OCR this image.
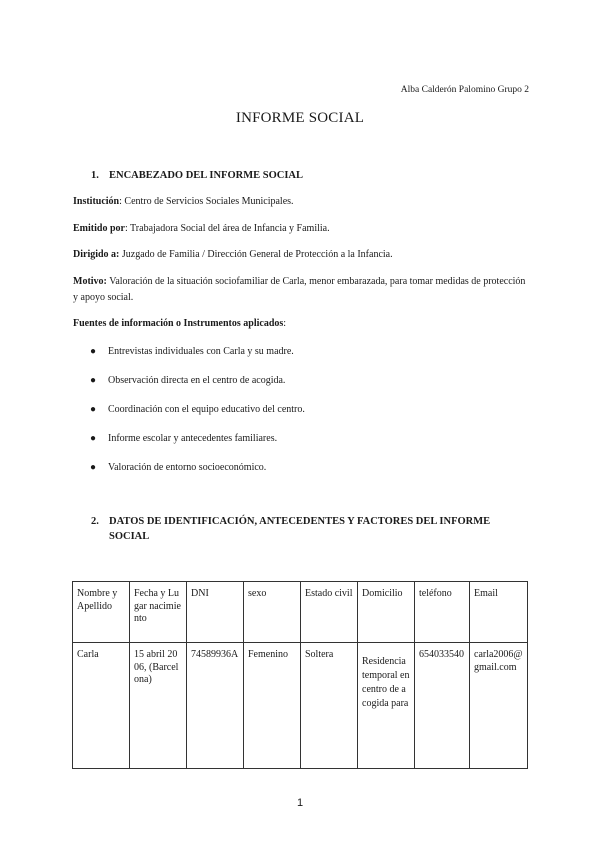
Alba Calderón Palomino Grupo 2
INFORME SOCIAL
1. ENCABEZADO DEL INFORME SOCIAL
Institución: Centro de Servicios Sociales Municipales.
Emitido por: Trabajadora Social del área de Infancia y Familia.
Dirigido a: Juzgado de Familia / Dirección General de Protección a la Infancia.
Motivo: Valoración de la situación sociofamiliar de Carla, menor embarazada, para tomar medidas de protección y apoyo social.
Fuentes de información o Instrumentos aplicados:
● Entrevistas individuales con Carla y su madre.
● Observación directa en el centro de acogida.
● Coordinación con el equipo educativo del centro.
● Informe escolar y antecedentes familiares.
● Valoración de entorno socioeconómico.
2. DATOS DE IDENTIFICACIÓN, ANTECEDENTES Y FACTORES DEL INFORME
SOCIAL
Nombre y Apellido	Fecha y Lugar nacimiento	DNI	sexo	Estado civil	Domicilio	teléfono	Email
Carla	15 abril 2006, (Barcelona)	74589936A	Femenino	Soltera	Residencia temporal en centro de acogida para	654033540	carla2006@gmail.com
1
